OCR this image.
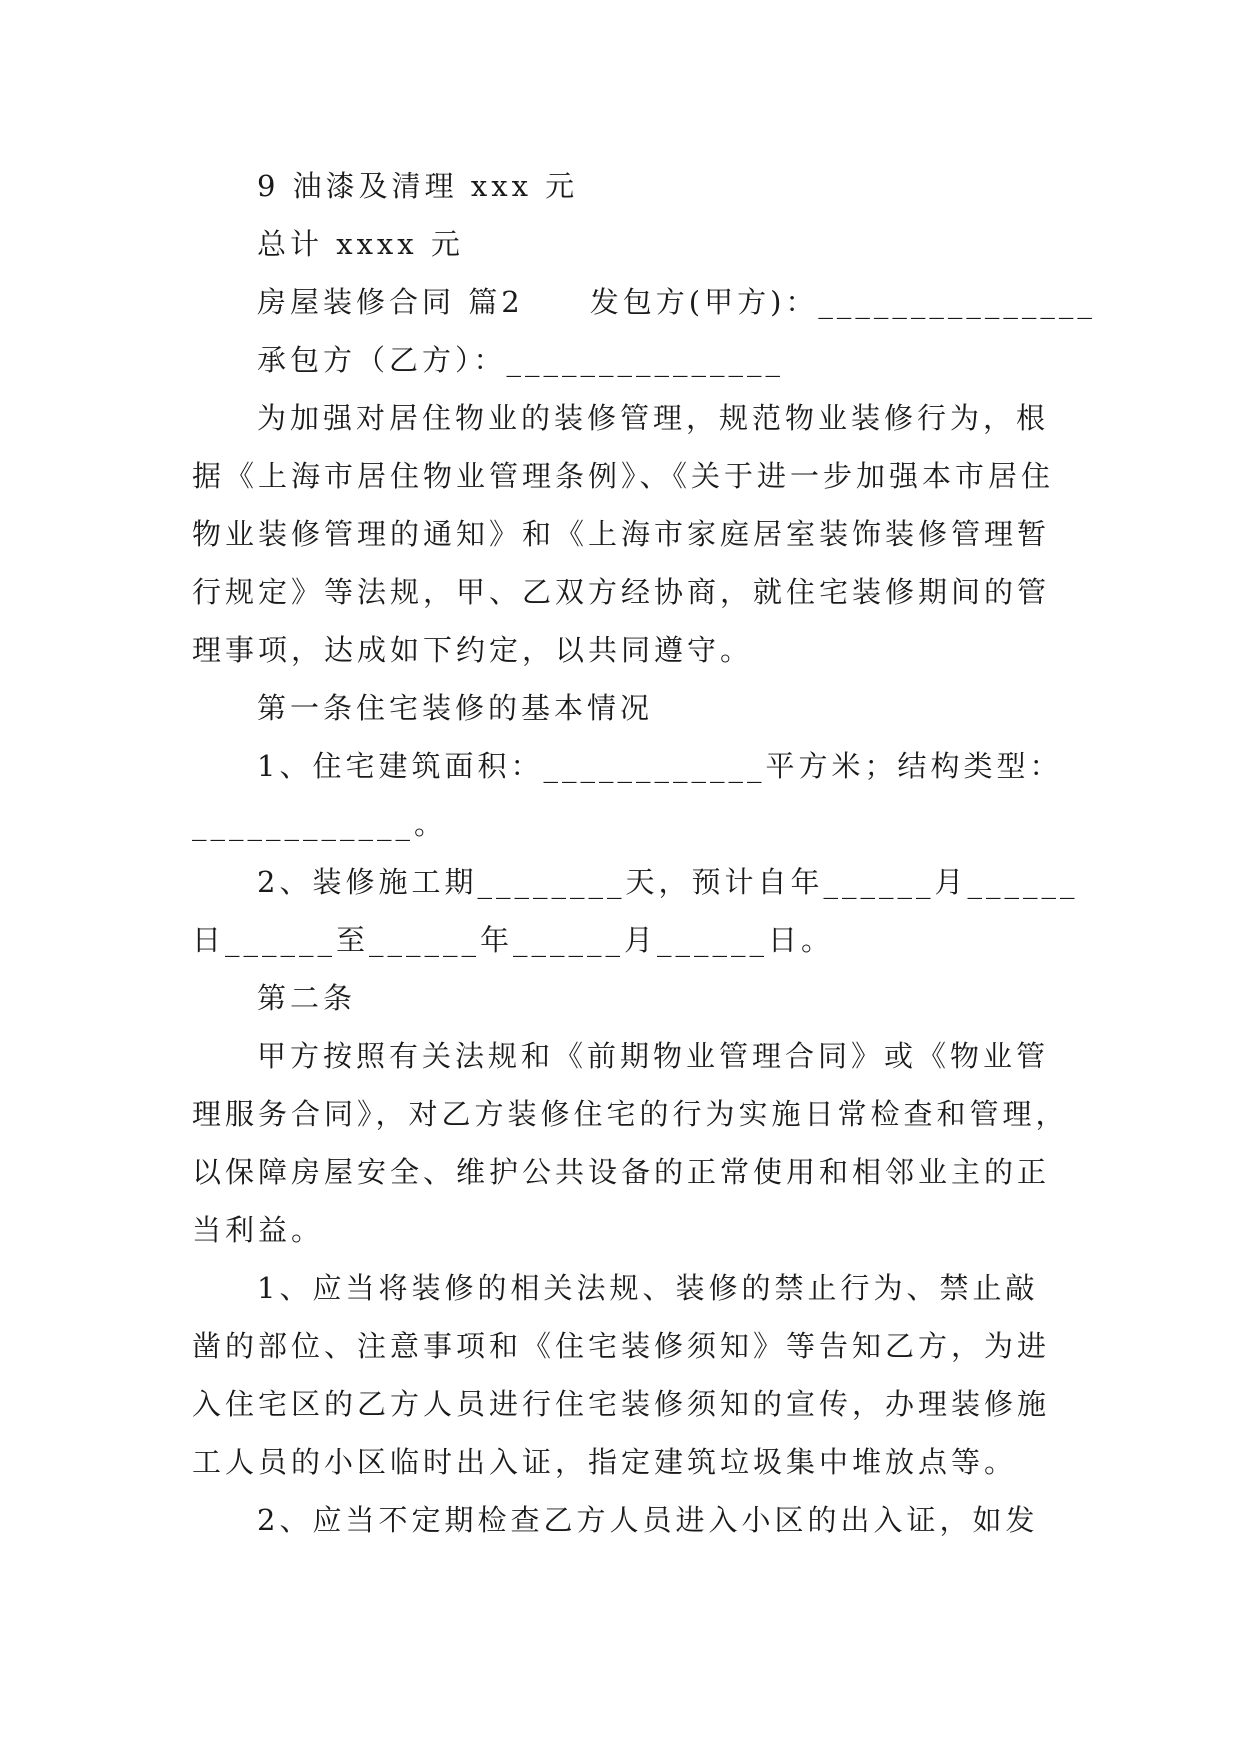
9 油漆及清理 xxx 元
总计 xxxx 元
房屋装修合同 篇2     发包方(甲方)：_______________
承包方（乙方）：_______________
为加强对居住物业的装修管理，规范物业装修行为，根
据《上海市居住物业管理条例》、《关于进一步加强本市居住
物业装修管理的通知》和《上海市家庭居室装饰装修管理暂
行规定》等法规，甲、乙双方经协商，就住宅装修期间的管
理事项，达成如下约定，以共同遵守。
第一条住宅装修的基本情况
1、住宅建筑面积：____________平方米；结构类型：
____________。
2、装修施工期________天，预计自年______月______
日______至______年______月______日。
第二条
甲方按照有关法规和《前期物业管理合同》或《物业管
理服务合同》，对乙方装修住宅的行为实施日常检查和管理，
以保障房屋安全、维护公共设备的正常使用和相邻业主的正
当利益。
1、应当将装修的相关法规、装修的禁止行为、禁止敲
凿的部位、注意事项和《住宅装修须知》等告知乙方，为进
入住宅区的乙方人员进行住宅装修须知的宣传，办理装修施
工人员的小区临时出入证，指定建筑垃圾集中堆放点等。
2、应当不定期检查乙方人员进入小区的出入证，如发
